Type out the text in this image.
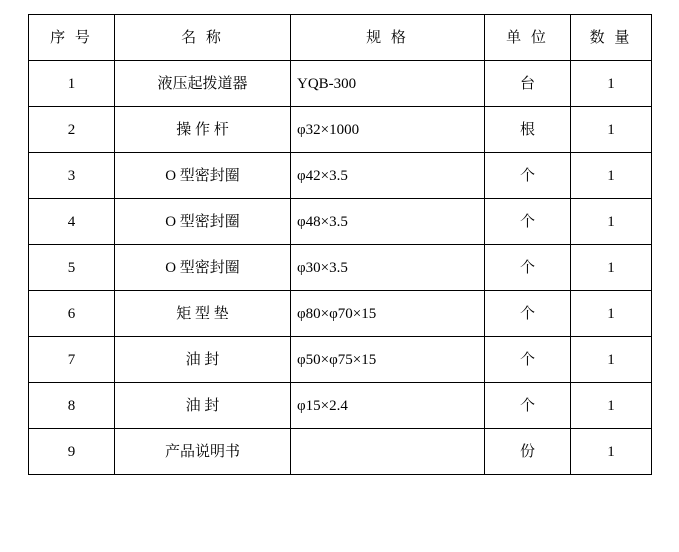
序 号	名 称	规 格	单 位	数 量
1	液压起拨道器	YQB-300	台	1
2	操 作 杆	φ32×1000	根	1
3	O 型密封圈	φ42×3.5	个	1
4	O 型密封圈	φ48×3.5	个	1
5	O 型密封圈	φ30×3.5	个	1
6	矩 型 垫	φ80×φ70×15	个	1
7	油 封	φ50×φ75×15	个	1
8	油 封	φ15×2.4	个	1
9	产品说明书		份	1
